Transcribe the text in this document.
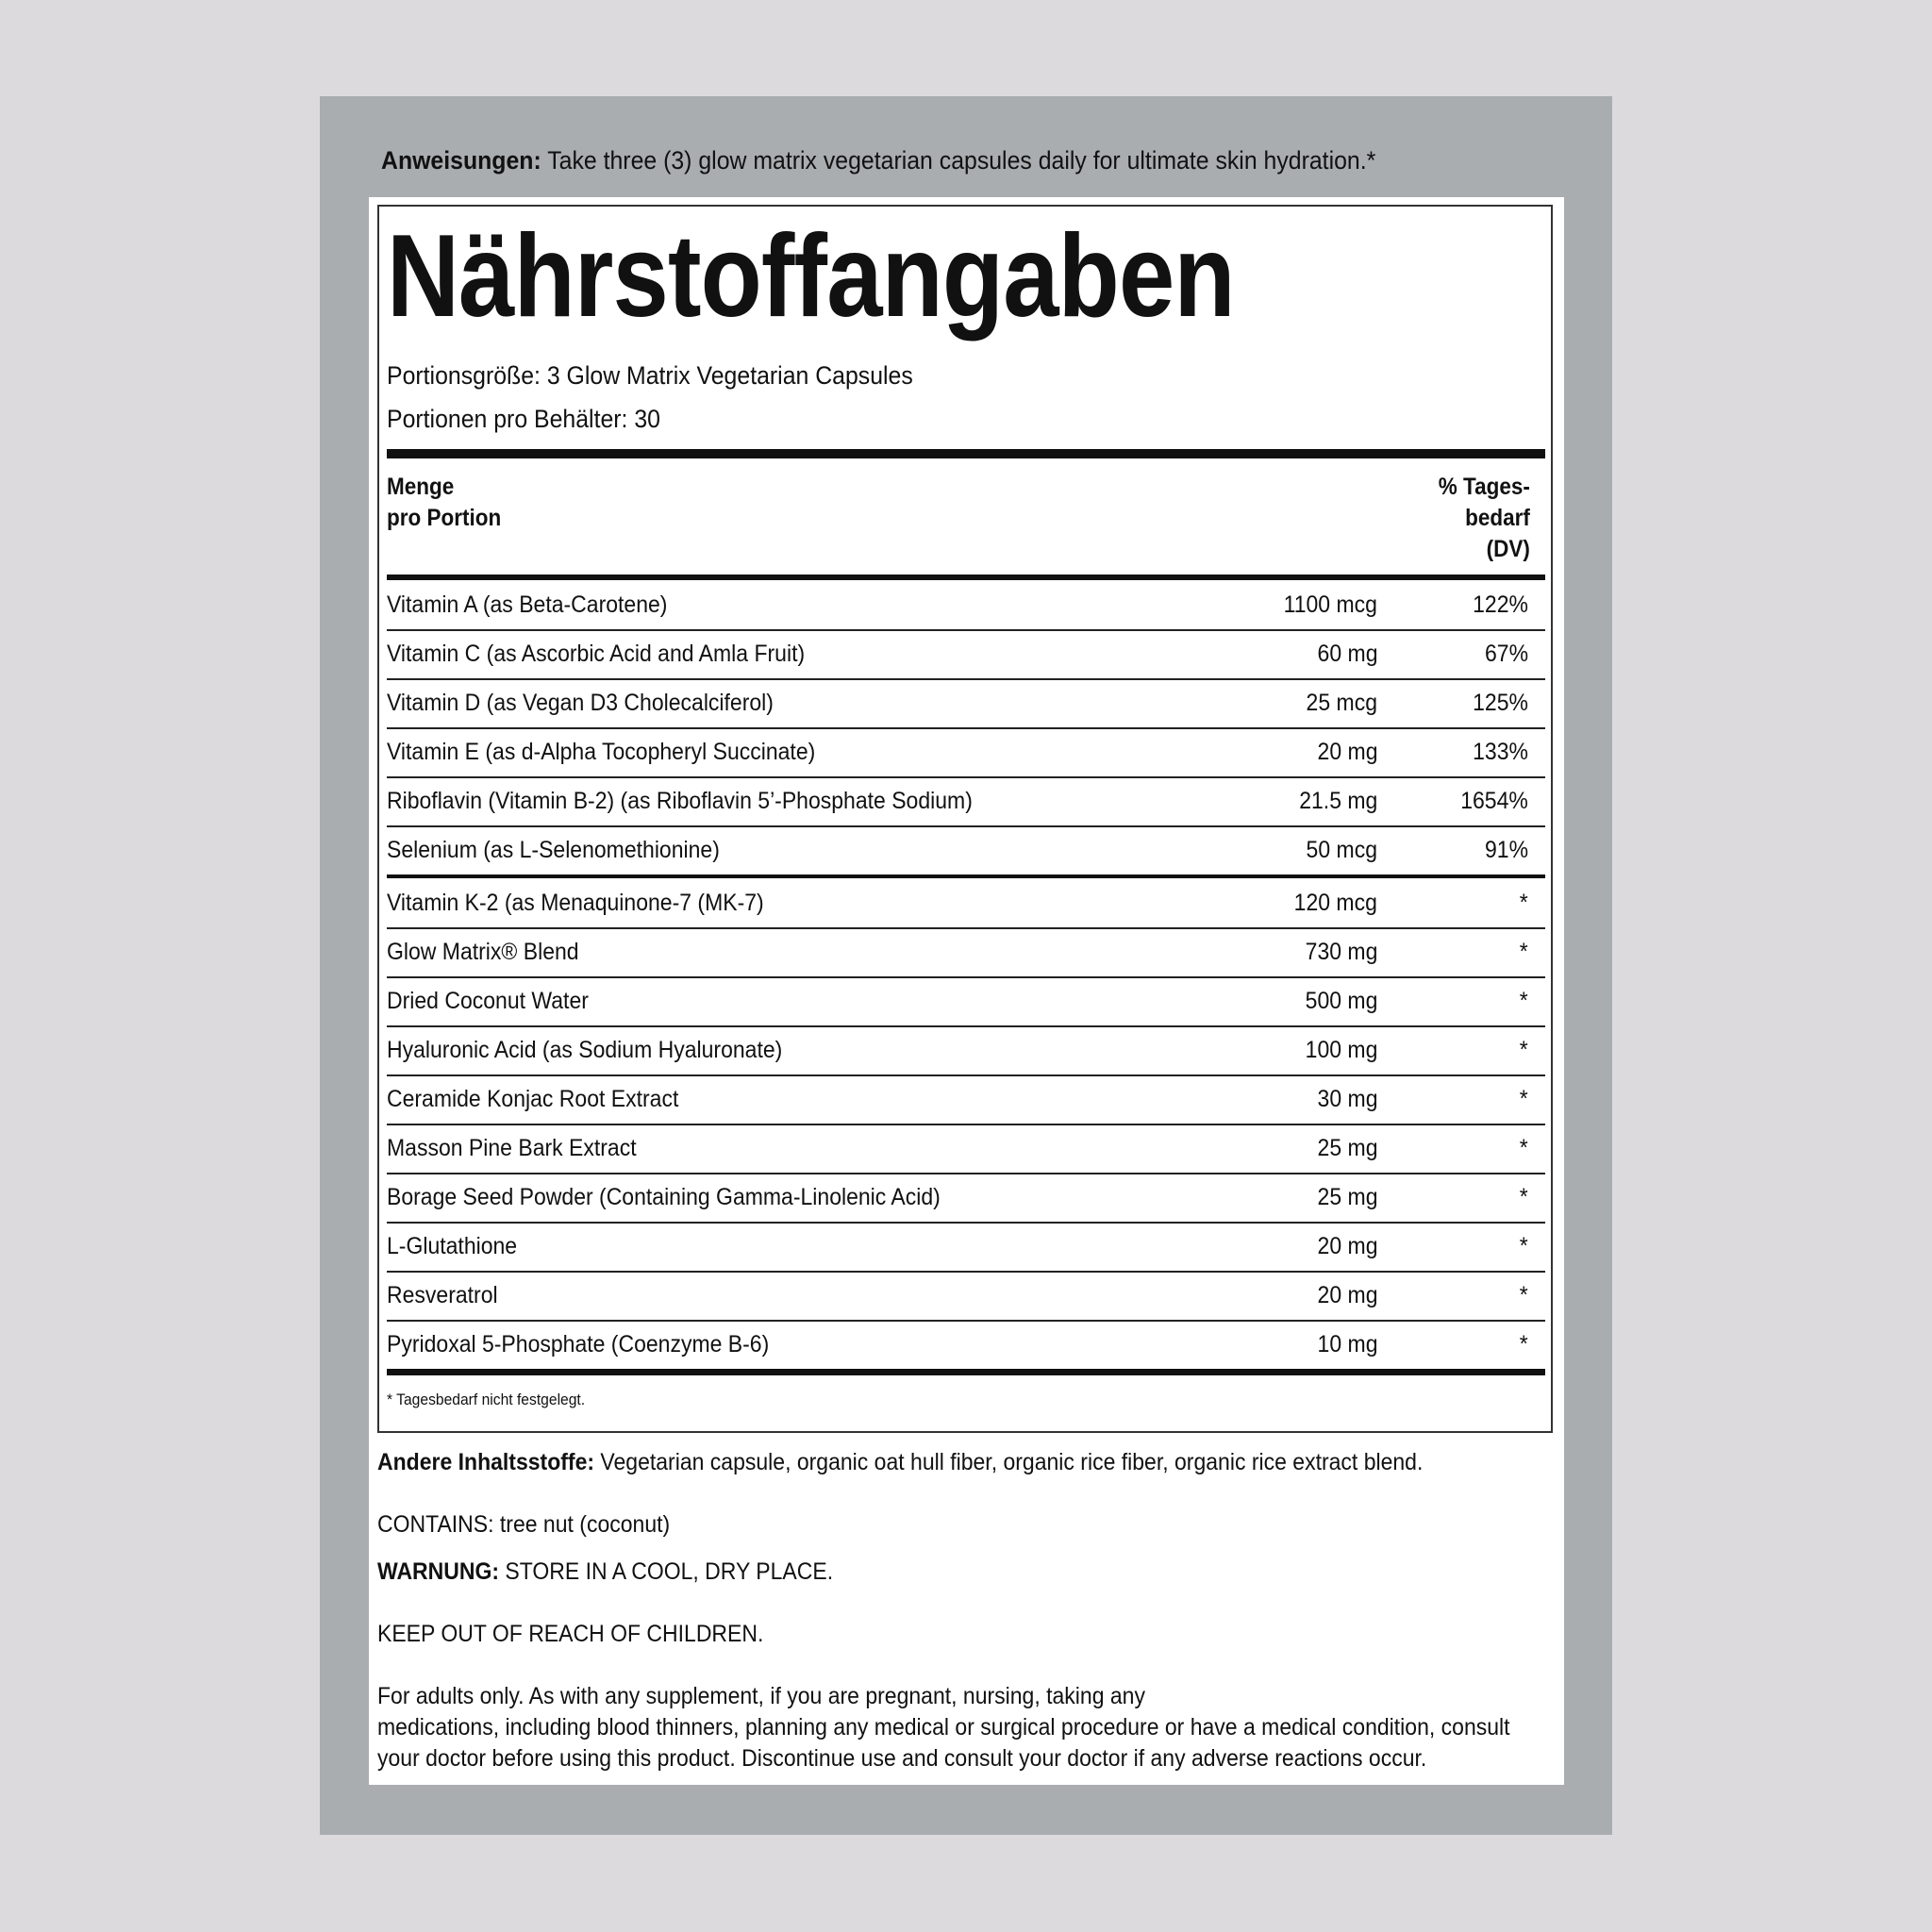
Anweisungen: Take three (3) glow matrix vegetarian capsules daily for ultimate skin hydration.*
Nährstoffangaben
Portionsgröße: 3 Glow Matrix Vegetarian Capsules
Portionen pro Behälter: 30
Menge
pro Portion
% Tages-
bedarf
(DV)
Vitamin A (as Beta-Carotene)	1100 mcg	122%
Vitamin C (as Ascorbic Acid and Amla Fruit)	60 mg	67%
Vitamin D (as Vegan D3 Cholecalciferol)	25 mcg	125%
Vitamin E (as d-Alpha Tocopheryl Succinate)	20 mg	133%
Riboflavin (Vitamin B-2) (as Riboflavin 5’-Phosphate Sodium)	21.5 mg	1654%
Selenium (as L-Selenomethionine)	50 mcg	91%
Vitamin K-2 (as Menaquinone-7 (MK-7)	120 mcg	*
Glow Matrix® Blend	730 mg	*
Dried Coconut Water	500 mg	*
Hyaluronic Acid (as Sodium Hyaluronate)	100 mg	*
Ceramide Konjac Root Extract	30 mg	*
Masson Pine Bark Extract	25 mg	*
Borage Seed Powder (Containing Gamma-Linolenic Acid)	25 mg	*
L-Glutathione	20 mg	*
Resveratrol	20 mg	*
Pyridoxal 5-Phosphate (Coenzyme B-6)	10 mg	*
* Tagesbedarf nicht festgelegt.
Andere Inhaltsstoffe: Vegetarian capsule, organic oat hull fiber, organic rice fiber, organic rice extract blend.
CONTAINS: tree nut (coconut)
WARNUNG: STORE IN A COOL, DRY PLACE.
KEEP OUT OF REACH OF CHILDREN.
For adults only. As with any supplement, if you are pregnant, nursing, taking any
medications, including blood thinners, planning any medical or surgical procedure or have a medical condition, consult
your doctor before using this product. Discontinue use and consult your doctor if any adverse reactions occur.
